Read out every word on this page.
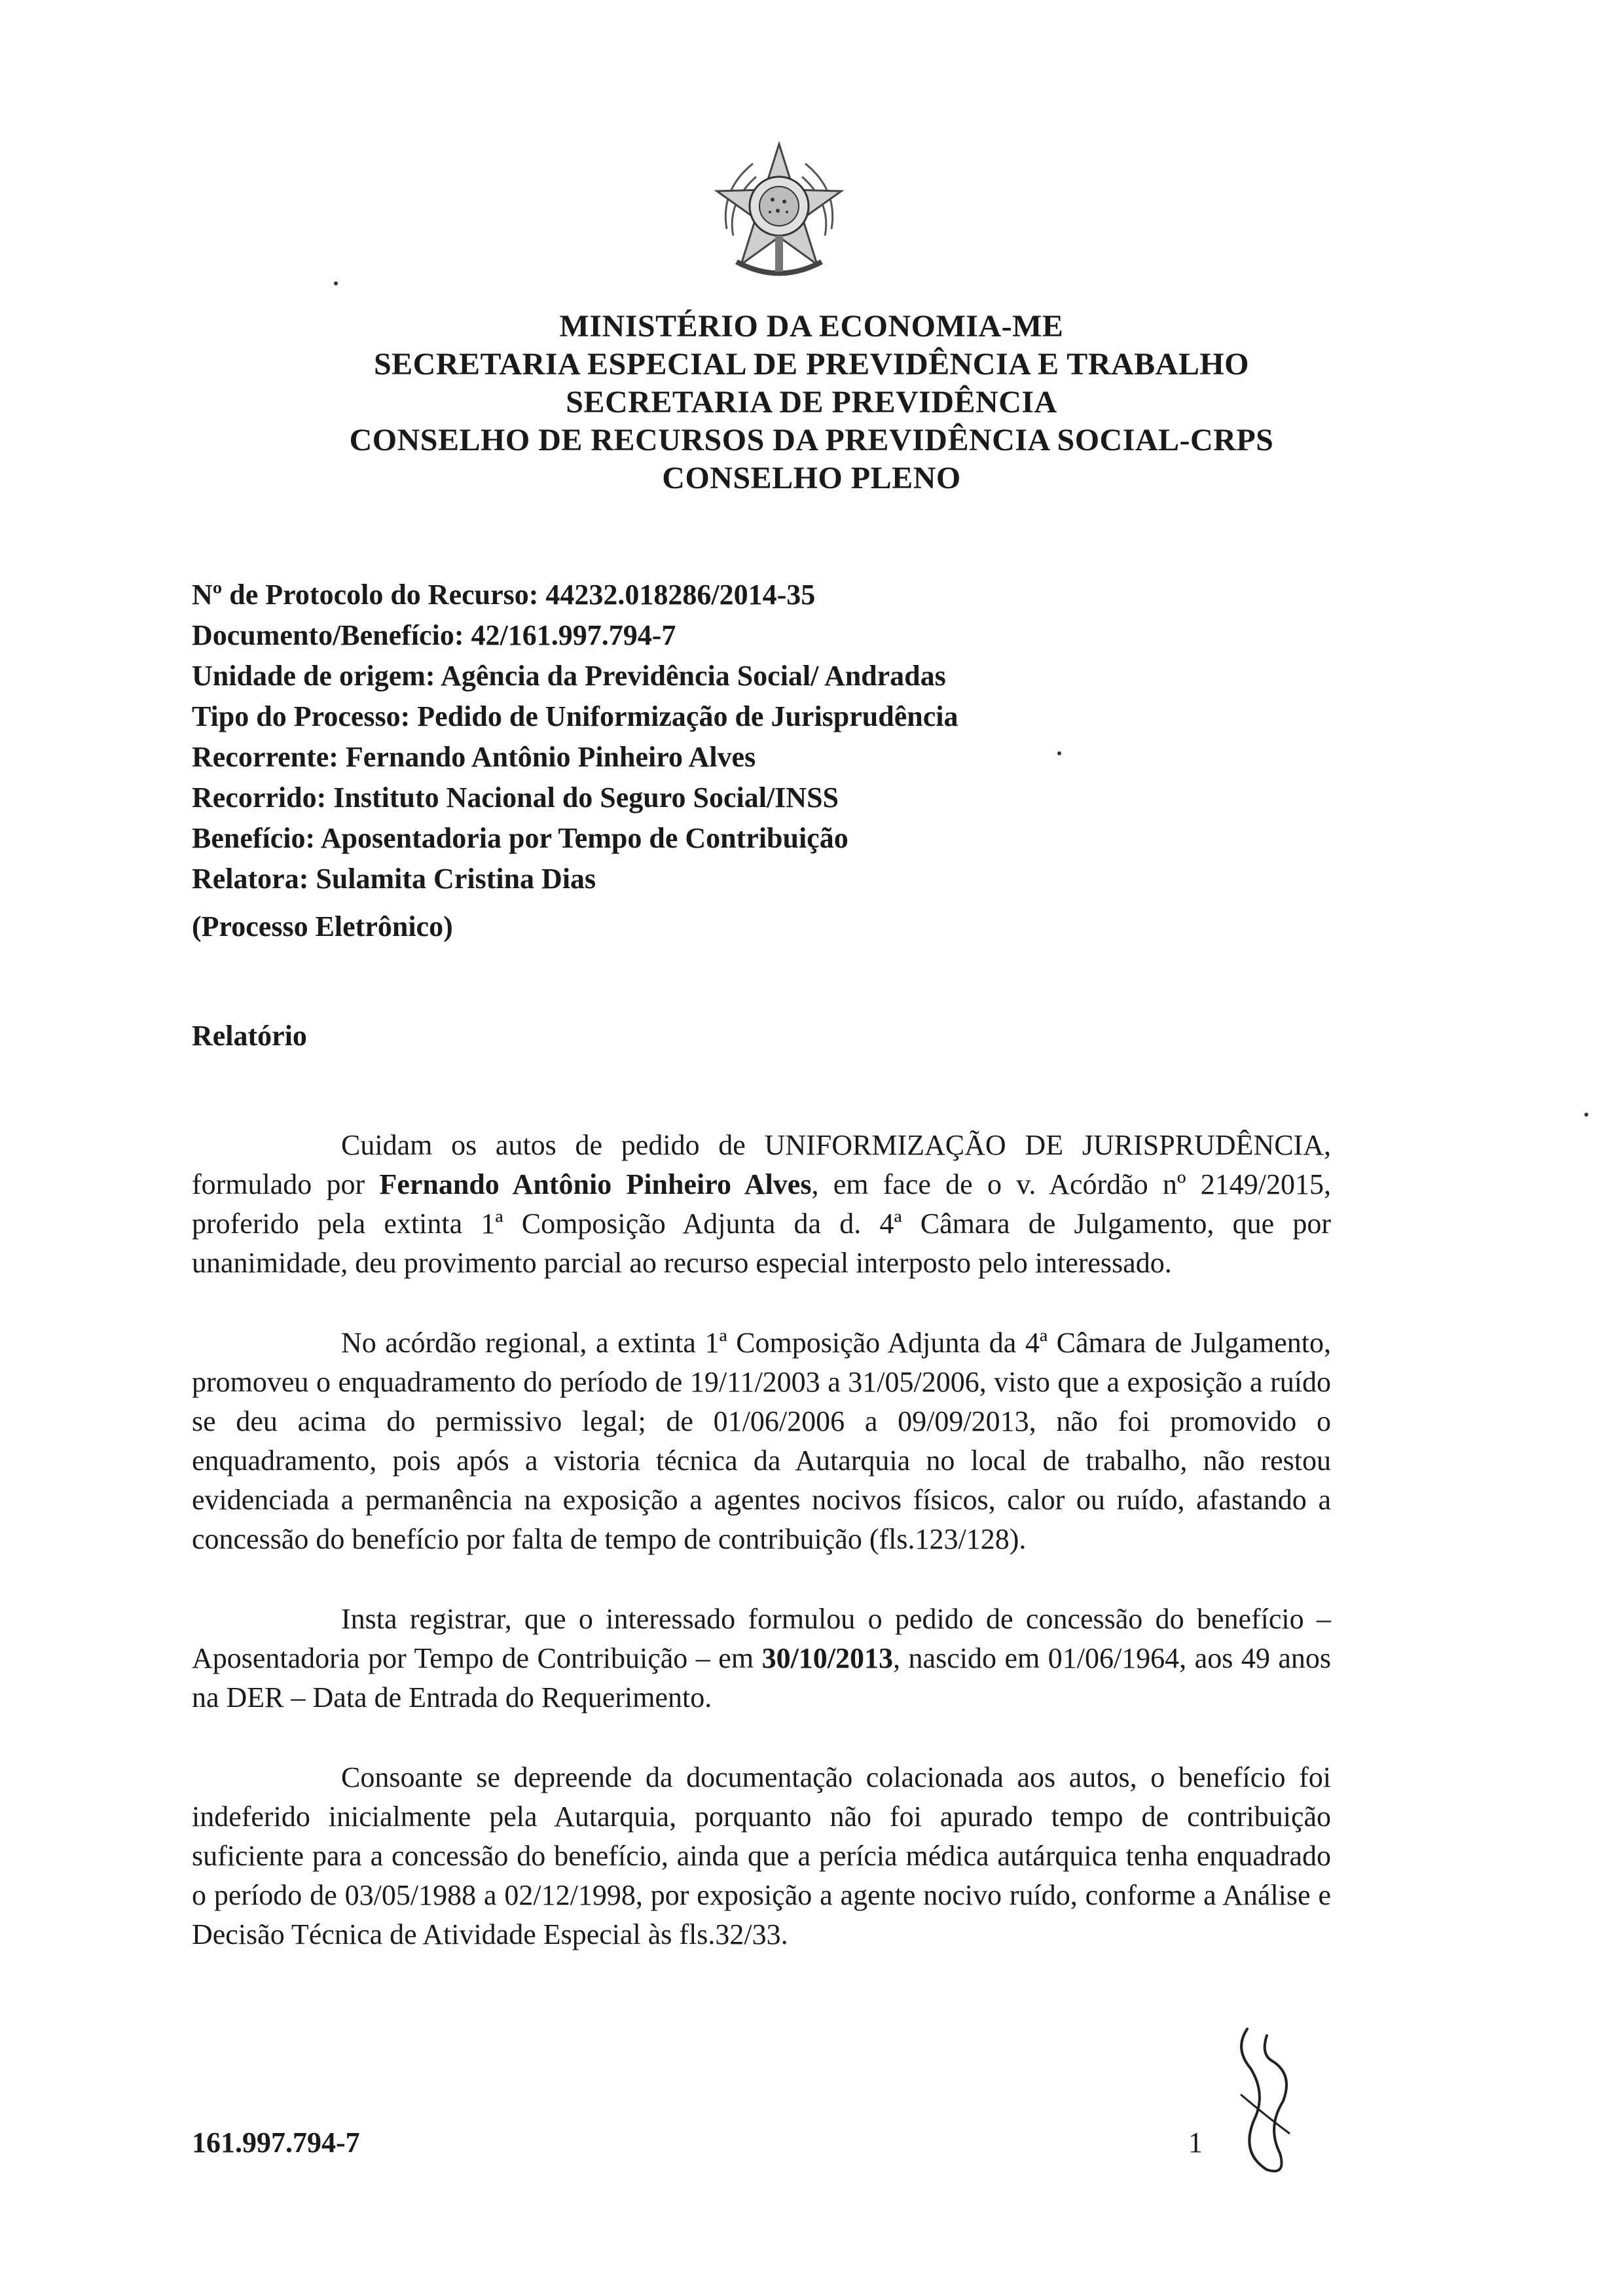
MINISTÉRIO DA ECONOMIA-ME
SECRETARIA ESPECIAL DE PREVIDÊNCIA E TRABALHO
SECRETARIA DE PREVIDÊNCIA
CONSELHO DE RECURSOS DA PREVIDÊNCIA SOCIAL-CRPS
CONSELHO PLENO
Nº de Protocolo do Recurso: 44232.018286/2014-35
Documento/Benefício: 42/161.997.794-7
Unidade de origem: Agência da Previdência Social/ Andradas
Tipo do Processo: Pedido de Uniformização de Jurisprudência
Recorrente: Fernando Antônio Pinheiro Alves
Recorrido: Instituto Nacional do Seguro Social/INSS
Benefício: Aposentadoria por Tempo de Contribuição
Relatora: Sulamita Cristina Dias
(Processo Eletrônico)
Relatório

Cuidam os autos de pedido de UNIFORMIZAÇÃO DE JURISPRUDÊNCIA, formulado por Fernando Antônio Pinheiro Alves, em face de o v. Acórdão nº 2149/2015, proferido pela extinta 1ª Composição Adjunta da d. 4ª Câmara de Julgamento, que por unanimidade, deu provimento parcial ao recurso especial interposto pelo interessado.

No acórdão regional, a extinta 1ª Composição Adjunta da 4ª Câmara de Julgamento, promoveu o enquadramento do período de 19/11/2003 a 31/05/2006, visto que a exposição a ruído se deu acima do permissivo legal; de 01/06/2006 a 09/09/2013, não foi promovido o enquadramento, pois após a vistoria técnica da Autarquia no local de trabalho, não restou evidenciada a permanência na exposição a agentes nocivos físicos, calor ou ruído, afastando a concessão do benefício por falta de tempo de contribuição (fls.123/128).

Insta registrar, que o interessado formulou o pedido de concessão do benefício – Aposentadoria por Tempo de Contribuição – em 30/10/2013, nascido em 01/06/1964, aos 49 anos na DER – Data de Entrada do Requerimento.

Consoante se depreende da documentação colacionada aos autos, o benefício foi indeferido inicialmente pela Autarquia, porquanto não foi apurado tempo de contribuição suficiente para a concessão do benefício, ainda que a perícia médica autárquica tenha enquadrado o período de 03/05/1988 a 02/12/1998, por exposição a agente nocivo ruído, conforme a Análise e Decisão Técnica de Atividade Especial às fls.32/33.

161.997.794-7	1
